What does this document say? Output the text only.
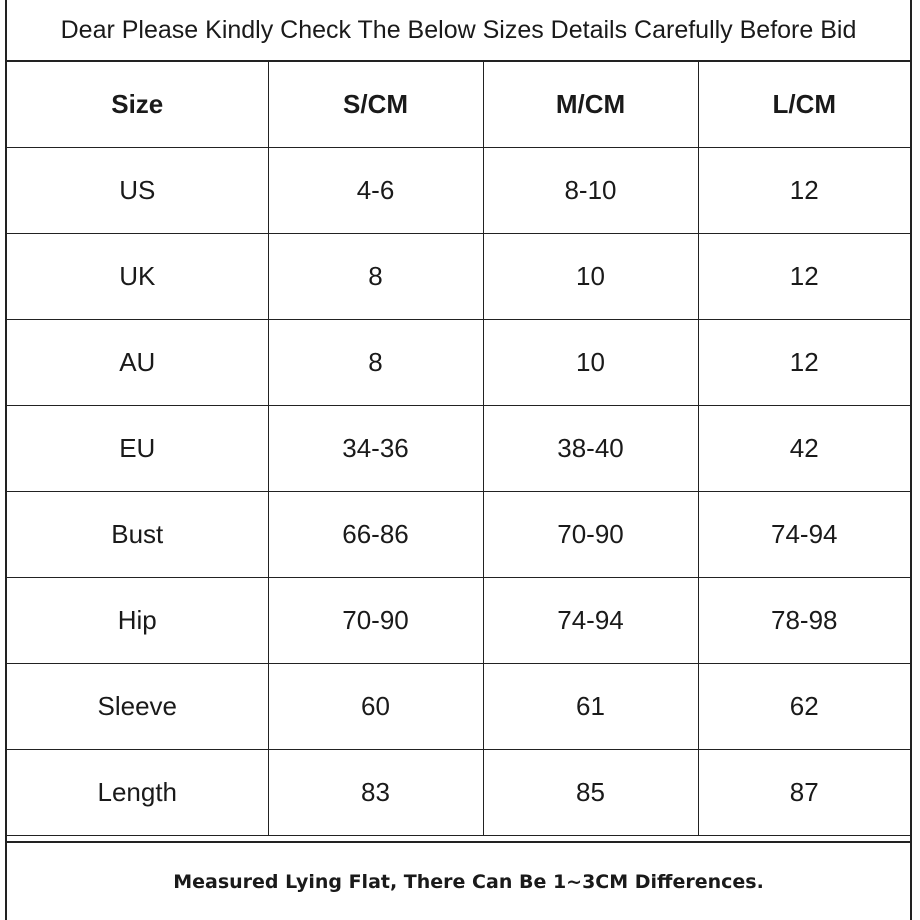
Dear Please Kindly Check The Below Sizes Details Carefully Before Bid
Size	S/CM	M/CM	L/CM
US	4-6	8-10	12
UK	8	10	12
AU	8	10	12
EU	34-36	38-40	42
Bust	66-86	70-90	74-94
Hip	70-90	74-94	78-98
Sleeve	60	61	62
Length	83	85	87
Measured Lying Flat, There Can Be 1~3CM Differences.
